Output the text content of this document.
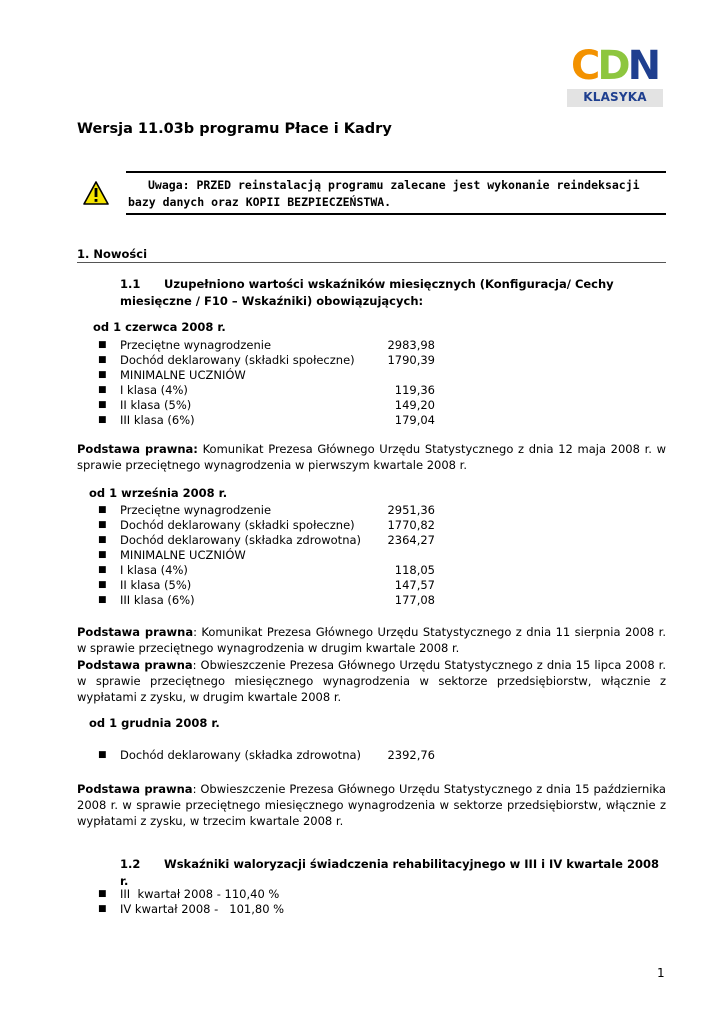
CDN
KLASYKA
Wersja 11.03b programu Płace i Kadry
Uwaga: PRZED reinstalacją programu zalecane jest wykonanie reindeksacji bazy danych oraz KOPII BEZPIECZEŃSTWA.
1. Nowości
1.1 Uzupełniono wartości wskaźników miesięcznych (Konfiguracja/ Cechy miesięczne / F10 – Wskaźniki) obowiązujących:
od 1 czerwca 2008 r.
■ Przeciętne wynagrodzenie	2983,98
■ Dochód deklarowany (składki społeczne)	1790,39
■ MINIMALNE UCZNIÓW
■ I klasa (4%)	119,36
■ II klasa (5%)	149,20
■ III klasa (6%)	179,04
Podstawa prawna: Komunikat Prezesa Głównego Urzędu Statystycznego z dnia 12 maja 2008 r. w sprawie przeciętnego wynagrodzenia w pierwszym kwartale 2008 r.
od 1 września 2008 r.
■ Przeciętne wynagrodzenie	2951,36
■ Dochód deklarowany (składki społeczne)	1770,82
■ Dochód deklarowany (składka zdrowotna) 2364,27
■ MINIMALNE UCZNIÓW
■ I klasa (4%)	118,05
■ II klasa (5%)	147,57
■ III klasa (6%)	177,08
Podstawa prawna: Komunikat Prezesa Głównego Urzędu Statystycznego z dnia 11 sierpnia 2008 r. w sprawie przeciętnego wynagrodzenia w drugim kwartale 2008 r.
Podstawa prawna: Obwieszczenie Prezesa Głównego Urzędu Statystycznego z dnia 15 lipca 2008 r. w sprawie przeciętnego miesięcznego wynagrodzenia w sektorze przedsiębiorstw, włącznie z wypłatami z zysku, w drugim kwartale 2008 r.
od 1 grudnia 2008 r.
■ Dochód deklarowany (składka zdrowotna) 2392,76
Podstawa prawna: Obwieszczenie Prezesa Głównego Urzędu Statystycznego z dnia 15 października 2008 r. w sprawie przeciętnego miesięcznego wynagrodzenia w sektorze przedsiębiorstw, włącznie z wypłatami z zysku, w trzecim kwartale 2008 r.
1.2 Wskaźniki waloryzacji świadczenia rehabilitacyjnego w III i IV kwartale 2008 r.
■ III  kwartał 2008 - 110,40 %
■ IV kwartał 2008 -   101,80 %
1
